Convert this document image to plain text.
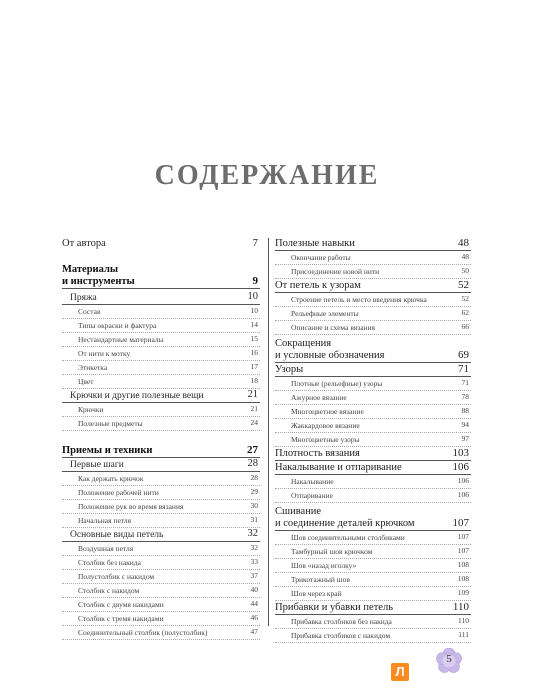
СОДЕРЖАНИЕ
От автора	7
Материалы
и инструменты	9
Пряжа	10
Состав	10
Типы окраски и фактура	14
Нестандартные материалы	15
От нити к мотку	16
Этикетка	17
Цвет	18
Крючки и другие полезные вещи	21
Крючки	21
Полезные предметы	24
Приемы и техники	27
Первые шаги	28
Как держать крючок	28
Положение рабочей нити	29
Положение рук во время вязания	30
Начальная петля	31
Основные виды петель	32
Воздушная петля	32
Столбик без накида	33
Полустолбик с накидом	37
Столбик с накидом	40
Столбик с двумя накидами	44
Столбик с тремя накидами	46
Соединительный столбик (полустолбик)	47
Полезные навыки	48
Окончание работы	48
Присоединение новой нити	50
От петель к узорам	52
Строение петель и место введения крючка	52
Рельефные элементы	62
Описание и схема вязания	66
Сокращения
и условные обозначения	69
Узоры	71
Плотные (рельефные) узоры	71
Ажурное вязание	78
Многоцветное вязание	88
Жаккардовое вязание	94
Многоцветные узоры	97
Плотность вязания	103
Накалывание и отпаривание	106
Накалывание	106
Отпаривание	106
Сшивание
и соединение деталей крючком	107
Шов соединительными столбиками	107
Тамбурный шов крючком	107
Шов «назад иголку»	108
Трикотажный шов	108
Шов через край	109
Прибавки и убавки петель	110
Прибавка столбиков без накида	110
Прибавка столбиков с накидом	111
5
Л
